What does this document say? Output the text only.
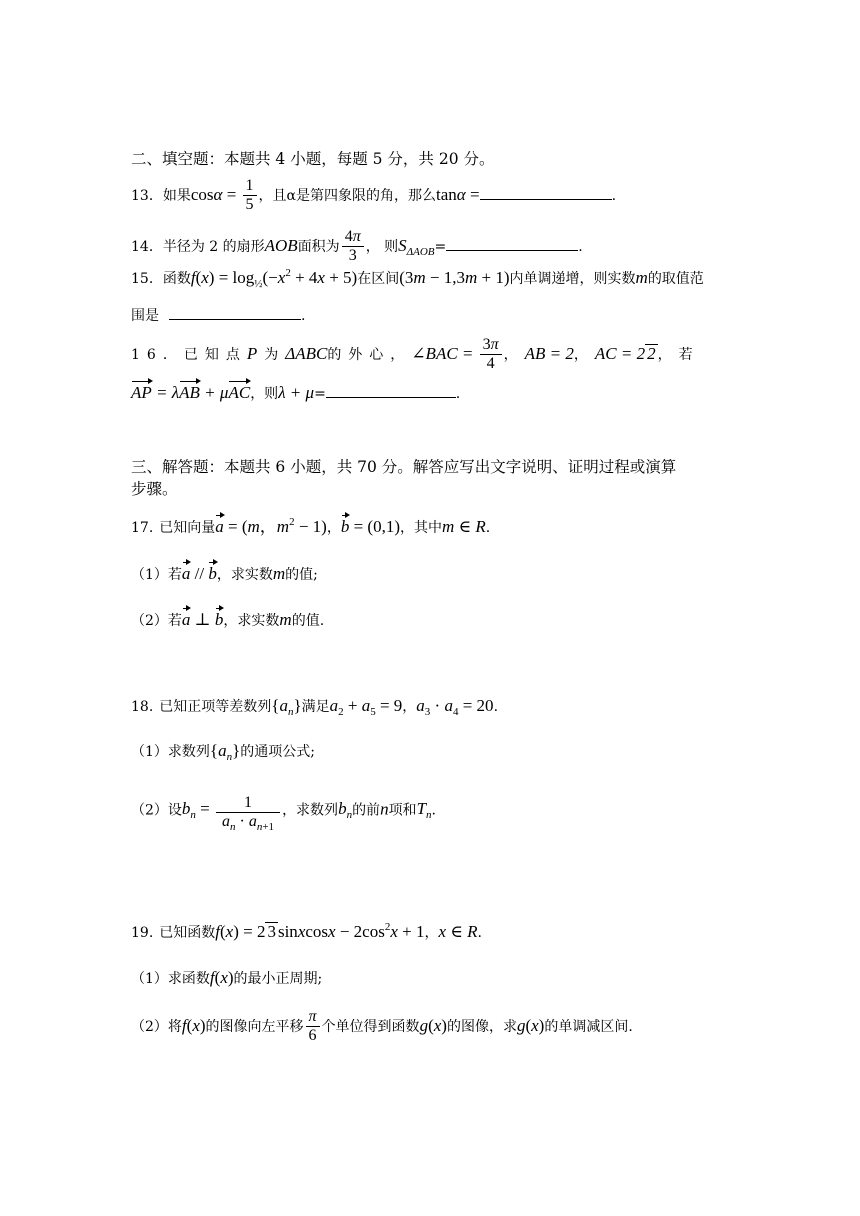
二、填空题：本题共 4 小题，每题 5 分，共 20 分。
13．如果$\cos\alpha = \frac{1}{5}$ ，且α是第四象限的角，那么tanα =	.
14．半径为 2 的扇形AOB面积为 $\frac{4\pi}{3}$ ， 则$S_{\Delta AOB}=$	.
15．函数$f(x) = \log_{\frac{1}{2}}(-x^2 + 4x + 5)$在区间(3m − 1,3m + 1)内单调递增，则实数m的取值范
围是	.
16．已知点P为ΔABC的外心，∠BAC = $\frac{3\pi}{4}$ ，AB = 2，AC = 2 2 ，若
AP = λAB + μAC，则λ + μ=	.
三、解答题：本题共 6 小题，共 70 分。解答应写出文字说明、证明过程或演算
步骤。
17. 已知向量a = (m，$m^2 - 1$)，b = (0,1)，其中m ∈ R.
（1）若a // b，求实数m的值;
（2）若a ⊥ b，求实数m的值.
18. 已知正项等差数列$\{a_n\}$满足$a_2 + a_5 = 9$，$a_3 \cdot a_4 = 20$.
（1）求数列$\{a_n\}$的通项公式;
（2）设$b_n = \frac{1}{a_n \cdot a_{n+1}}$ ，求数列$b_n$的前n项和$T_n$.
19. 已知函数f(x) = 2 3 sinxcosx − $2\cos^2x + 1$，x ∈ R.
（1）求函数f(x)的最小正周期;
（2）将f(x)的图像向左平移 $\frac{\pi}{6}$ 个单位得到函数g(x)的图像，求g(x)的单调减区间.
